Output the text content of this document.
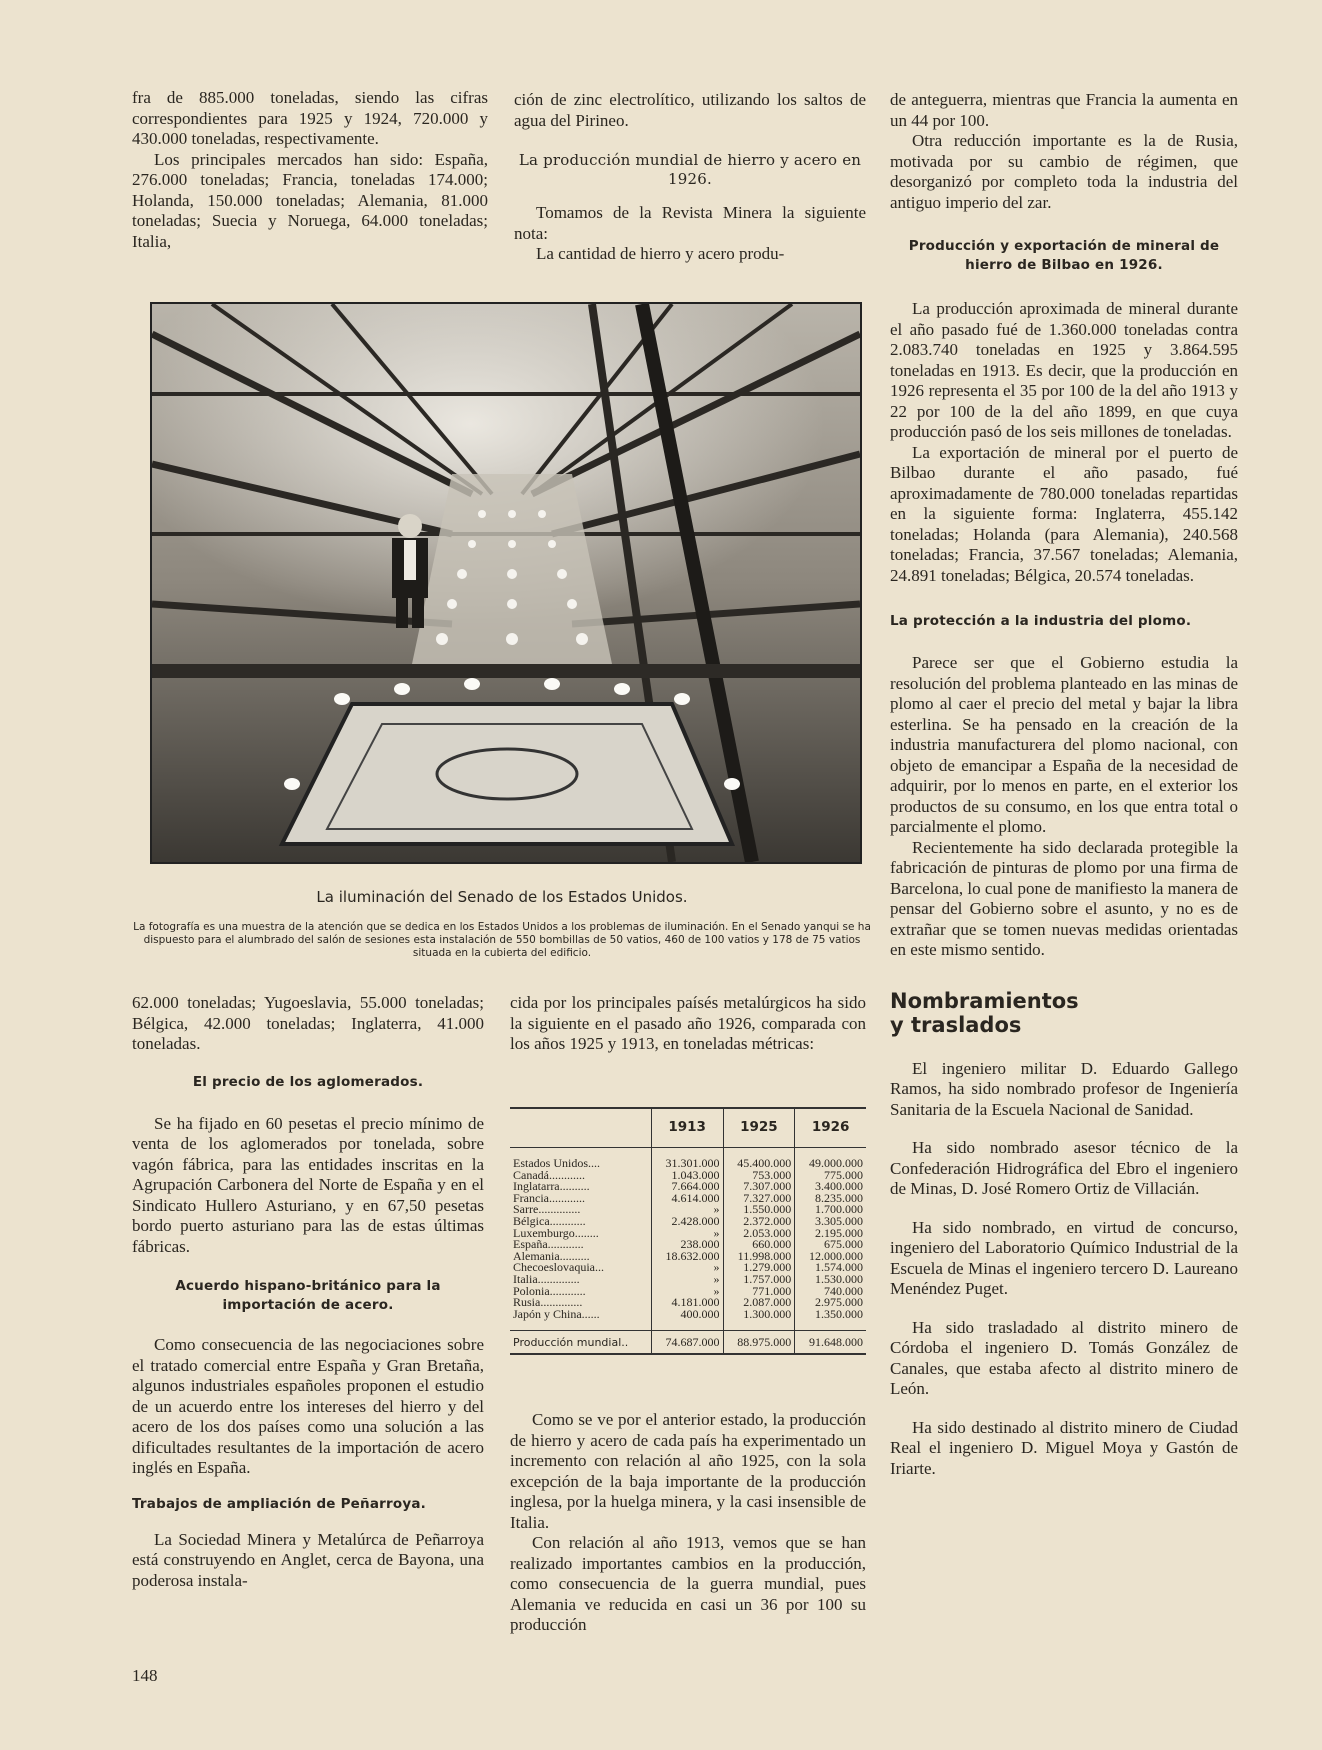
fra de 885.000 toneladas, siendo las cifras correspondientes para 1925 y 1924, 720.000 y 430.000 toneladas, respectivamente.

Los principales mercados han sido: España, 276.000 toneladas; Francia, toneladas 174.000; Holanda, 150.000 toneladas; Alemania, 81.000 toneladas; Suecia y Noruega, 64.000 toneladas; Italia,

ción de zinc electrolítico, utilizando los saltos de agua del Pirineo.

La producción mundial de hierro y acero en 1926.

Tomamos de la Revista Minera la siguiente nota:

La cantidad de hierro y acero produ-

La iluminación del Senado de los Estados Unidos.
La fotografía es una muestra de la atención que se dedica en los Estados Unidos a los problemas de iluminación. En el Senado yanqui se ha dispuesto para el alumbrado del salón de sesiones esta instalación de 550 bombillas de 50 vatios, 460 de 100 vatios y 178 de 75 vatios situada en la cubierta del edificio.

62.000 toneladas; Yugoeslavia, 55.000 toneladas; Bélgica, 42.000 toneladas; Inglaterra, 41.000 toneladas.

El precio de los aglomerados.

Se ha fijado en 60 pesetas el precio mínimo de venta de los aglomerados por tonelada, sobre vagón fábrica, para las entidades inscritas en la Agrupación Carbonera del Norte de España y en el Sindicato Hullero Asturiano, y en 67,50 pesetas bordo puerto asturiano para las de estas últimas fábricas.

Acuerdo hispano-británico para la importación de acero.

Como consecuencia de las negociaciones sobre el tratado comercial entre España y Gran Bretaña, algunos industriales españoles proponen el estudio de un acuerdo entre los intereses del hierro y del acero de los dos países como una solución a las dificultades resultantes de la importación de acero inglés en España.

Trabajos de ampliación de Peñarroya.

La Sociedad Minera y Metalúrca de Peñarroya está construyendo en Anglet, cerca de Bayona, una poderosa instala-

cida por los principales paísés metalúrgicos ha sido la siguiente en el pasado año 1926, comparada con los años 1925 y 1913, en toneladas métricas:

	1913	1925	1926

Estados Unidos....	31.301.000	45.400.000	49.000.000
Canadá............	1.043.000	753.000	775.000
Inglatarra..........	7.664.000	7.307.000	3.400.000
Francia............	4.614.000	7.327.000	8.235.000
Sarre..............	»	1.550.000	1.700.000
Bélgica............	2.428.000	2.372.000	3.305.000
Luxemburgo........	»	2.053.000	2.195.000
España............	238.000	660.000	675.000
Alemania..........	18.632.000	11.998.000	12.000.000
Checoeslovaquia...	»	1.279.000	1.574.000
Italia..............	»	1.757.000	1.530.000
Polonia............	»	771.000	740.000
Rusia..............	4.181.000	2.087.000	2.975.000
Japón y China......	400.000	1.300.000	1.350.000

Producción mundial..	74.687.000	88.975.000	91.648.000

Como se ve por el anterior estado, la producción de hierro y acero de cada país ha experimentado un incremento con relación al año 1925, con la sola excepción de la baja importante de la producción inglesa, por la huelga minera, y la casi insensible de Italia.

Con relación al año 1913, vemos que se han realizado importantes cambios en la producción, como consecuencia de la guerra mundial, pues Alemania ve reducida en casi un 36 por 100 su producción

de anteguerra, mientras que Francia la aumenta en un 44 por 100.

Otra reducción importante es la de Rusia, motivada por su cambio de régimen, que desorganizó por completo toda la industria del antiguo imperio del zar.

Producción y exportación de mineral de hierro de Bilbao en 1926.

La producción aproximada de mineral durante el año pasado fué de 1.360.000 toneladas contra 2.083.740 toneladas en 1925 y 3.864.595 toneladas en 1913. Es decir, que la producción en 1926 representa el 35 por 100 de la del año 1913 y 22 por 100 de la del año 1899, en que cuya producción pasó de los seis millones de toneladas.

La exportación de mineral por el puerto de Bilbao durante el año pasado, fué aproximadamente de 780.000 toneladas repartidas en la siguiente forma: Inglaterra, 455.142 toneladas; Holanda (para Alemania), 240.568 toneladas; Francia, 37.567 toneladas; Alemania, 24.891 toneladas; Bélgica, 20.574 toneladas.

La protección a la industria del plomo.

Parece ser que el Gobierno estudia la resolución del problema planteado en las minas de plomo al caer el precio del metal y bajar la libra esterlina. Se ha pensado en la creación de la industria manufacturera del plomo nacional, con objeto de emancipar a España de la necesidad de adquirir, por lo menos en parte, en el exterior los productos de su consumo, en los que entra total o parcialmente el plomo.

Recientemente ha sido declarada protegible la fabricación de pinturas de plomo por una firma de Barcelona, lo cual pone de manifiesto la manera de pensar del Gobierno sobre el asunto, y no es de extrañar que se tomen nuevas medidas orientadas en este mismo sentido.

Nombramientos
y traslados

El ingeniero militar D. Eduardo Gallego Ramos, ha sido nombrado profesor de Ingeniería Sanitaria de la Escuela Nacional de Sanidad.

Ha sido nombrado asesor técnico de la Confederación Hidrográfica del Ebro el ingeniero de Minas, D. José Romero Ortiz de Villacián.

Ha sido nombrado, en virtud de concurso, ingeniero del Laboratorio Químico Industrial de la Escuela de Minas el ingeniero tercero D. Laureano Menéndez Puget.

Ha sido trasladado al distrito minero de Córdoba el ingeniero D. Tomás González de Canales, que estaba afecto al distrito minero de León.

Ha sido destinado al distrito minero de Ciudad Real el ingeniero D. Miguel Moya y Gastón de Iriarte.

148
